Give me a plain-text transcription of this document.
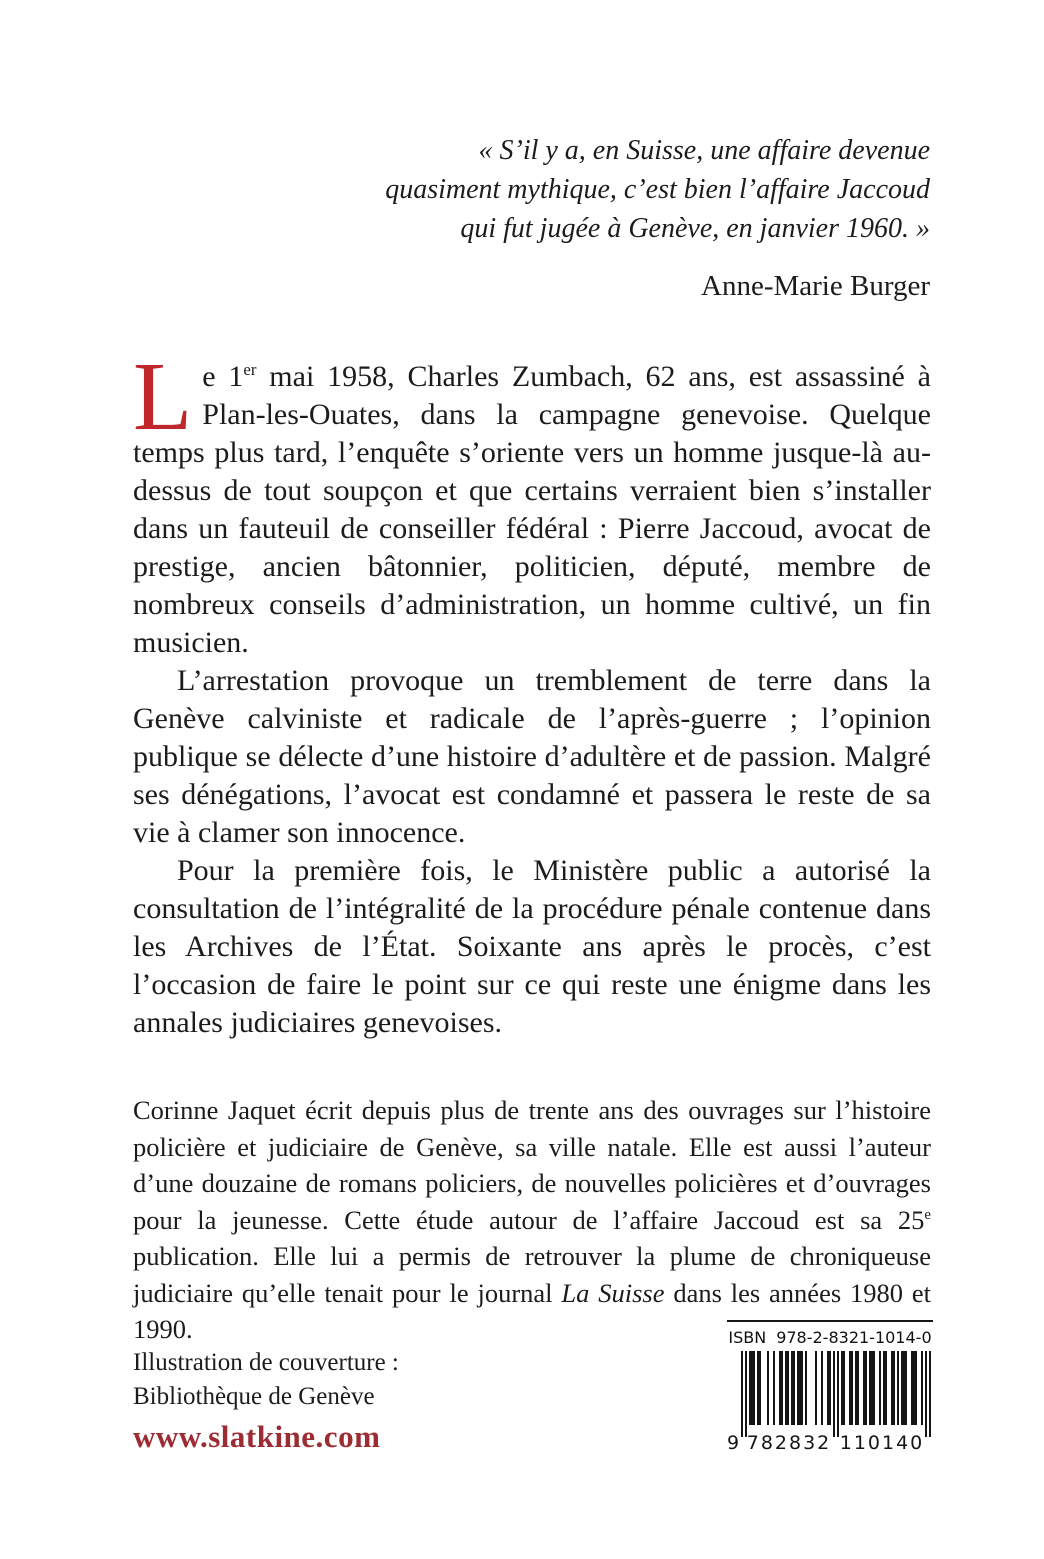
« S’il y a, en Suisse, une affaire devenue
quasiment mythique, c’est bien l’affaire Jaccoud
qui fut jugée à Genève, en janvier 1960. »
Anne-Marie Burger

Le 1er mai 1958, Charles Zumbach, 62 ans, est assassiné à Plan-les-Ouates, dans la campagne genevoise. Quelque temps plus tard, l’enquête s’oriente vers un homme jusque-là au-dessus de tout soupçon et que certains verraient bien s’installer dans un fauteuil de conseiller fédéral : Pierre Jaccoud, avocat de prestige, ancien bâtonnier, politicien, député, membre de nombreux conseils d’administration, un homme cultivé, un fin musicien.

L’arrestation provoque un tremblement de terre dans la Genève calviniste et radicale de l’après-guerre ; l’opinion publique se délecte d’une histoire d’adultère et de passion. Malgré ses dénégations, l’avocat est condamné et passera le reste de sa vie à clamer son innocence.

Pour la première fois, le Ministère public a autorisé la consultation de l’intégralité de la procédure pénale contenue dans les Archives de l’État. Soixante ans après le procès, c’est l’occasion de faire le point sur ce qui reste une énigme dans les annales judiciaires genevoises.

Corinne Jaquet écrit depuis plus de trente ans des ouvrages sur l’histoire policière et judiciaire de Genève, sa ville natale. Elle est aussi l’auteur d’une douzaine de romans policiers, de nouvelles policières et d’ouvrages pour la jeunesse. Cette étude autour de l’affaire Jaccoud est sa 25e publication. Elle lui a permis de retrouver la plume de chroniqueuse judiciaire qu’elle tenait pour le journal La Suisse dans les années 1980 et 1990.
Illustration de couverture :
Bibliothèque de Genève
www.slatkine.com
ISBN 978-2-8321-1014-0
9 782832 110140
